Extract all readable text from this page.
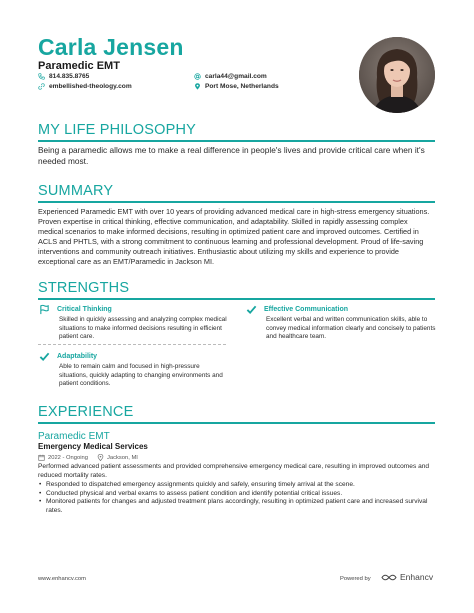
Carla Jensen
Paramedic EMT
814.835.8765	carla44@gmail.com
embellished-theology.com	Port Mose, Netherlands
MY LIFE PHILOSOPHY
Being a paramedic allows me to make a real difference in people's lives and provide critical care when it's needed most.
SUMMARY
Experienced Paramedic EMT with over 10 years of providing advanced medical care in high-stress emergency situations. Proven expertise in critical thinking, effective communication, and adaptability. Skilled in rapidly assessing complex medical scenarios to make informed decisions, resulting in optimized patient care and improved outcomes. Certified in ACLS and PHTLS, with a strong commitment to continuous learning and professional development. Proud of life-saving interventions and community outreach initiatives. Enthusiastic about utilizing my skills and experience to provide exceptional care as an EMT/Paramedic in Jackson MI.
STRENGTHS
Critical Thinking
Skilled in quickly assessing and analyzing complex medical situations to make informed decisions resulting in efficient patient care.
Effective Communication
Excellent verbal and written communication skills, able to convey medical information clearly and concisely to patients and healthcare team.
Adaptability
Able to remain calm and focused in high-pressure situations, quickly adapting to changing environments and patient conditions.
EXPERIENCE
Paramedic EMT
Emergency Medical Services
2022 - Ongoing	Jackson, MI
Performed advanced patient assessments and provided comprehensive emergency medical care, resulting in improved outcomes and reduced mortality rates.
• Responded to dispatched emergency assignments quickly and safely, ensuring timely arrival at the scene.
• Conducted physical and verbal exams to assess patient condition and identify potential critical issues.
• Monitored patients for changes and adjusted treatment plans accordingly, resulting in optimized patient care and increased survival rates.
www.enhancv.com	Powered by	Enhancv
